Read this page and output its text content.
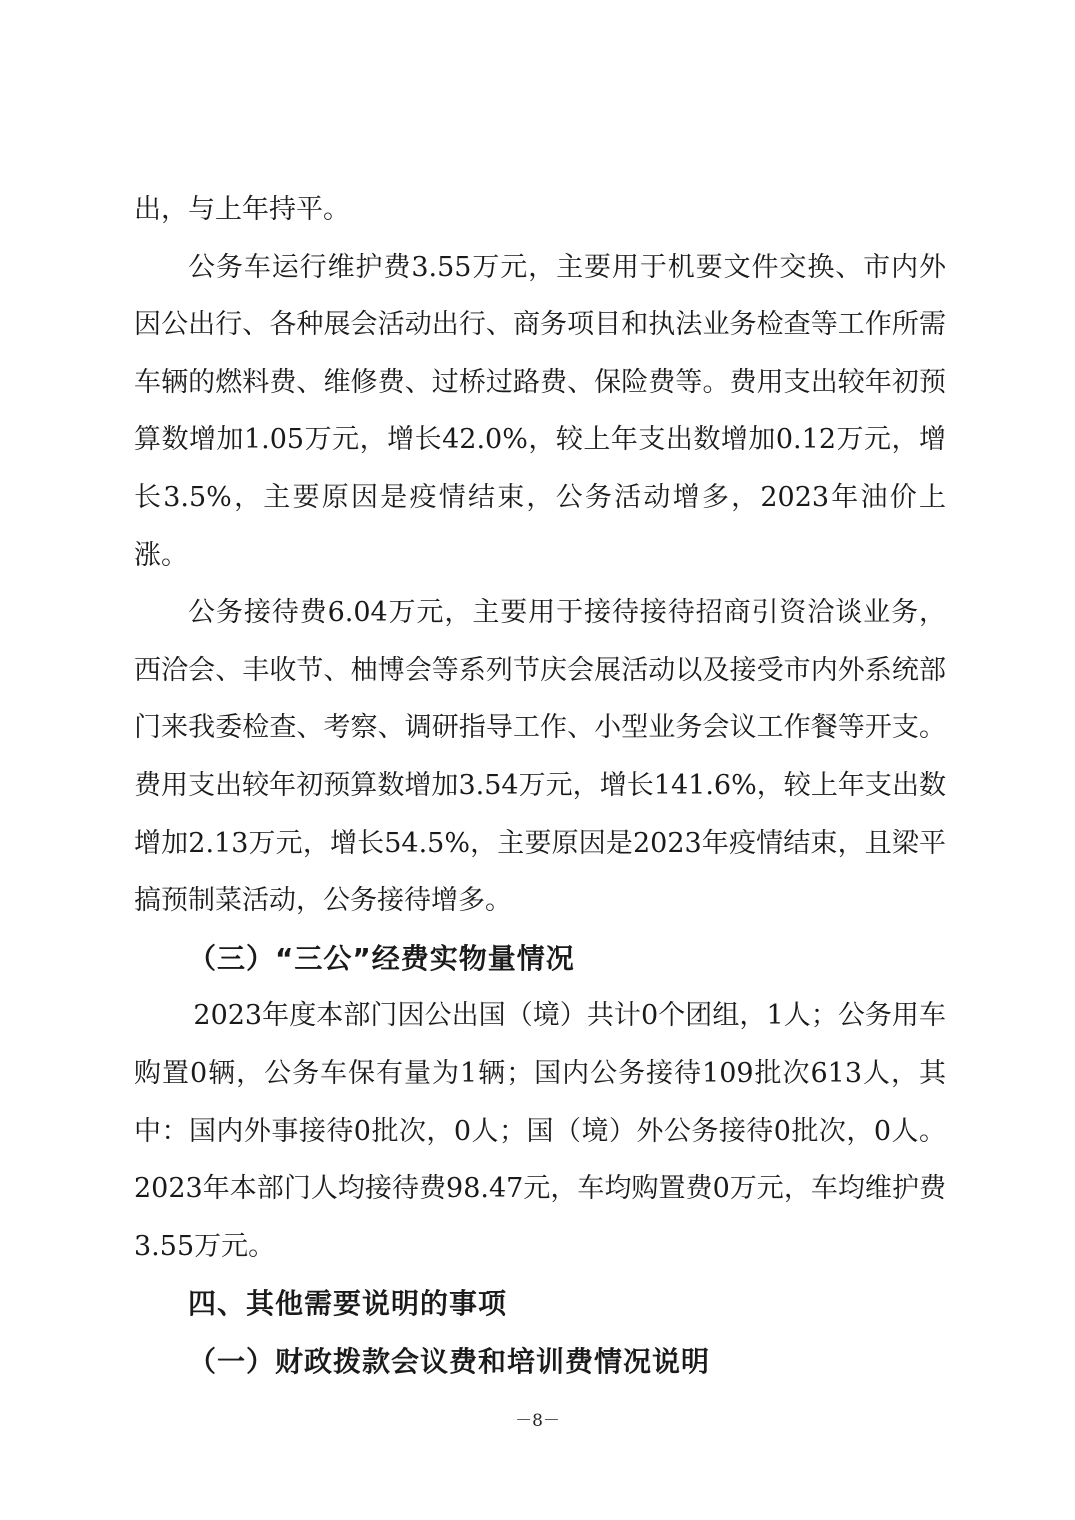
出，与上年持平。

公务车运行维护费3.55万元，主要用于机要文件交换、市内外因公出行、各种展会活动出行、商务项目和执法业务检查等工作所需车辆的燃料费、维修费、过桥过路费、保险费等。费用支出较年初预算数增加1.05万元，增长42.0%，较上年支出数增加0.12万元，增长3.5%，主要原因是疫情结束，公务活动增多，2023年油价上涨。

公务接待费6.04万元，主要用于接待接待招商引资洽谈业务，西洽会、丰收节、柚博会等系列节庆会展活动以及接受市内外系统部门来我委检查、考察、调研指导工作、小型业务会议工作餐等开支。费用支出较年初预算数增加3.54万元，增长141.6%，较上年支出数增加2.13万元，增长54.5%，主要原因是2023年疫情结束，且梁平搞预制菜活动，公务接待增多。

（三）“三公”经费实物量情况

2023年度本部门因公出国（境）共计0个团组，1人；公务用车购置0辆，公务车保有量为1辆；国内公务接待109批次613人，其中：国内外事接待0批次，0人；国（境）外公务接待0批次，0人。2023年本部门人均接待费98.47元，车均购置费0万元，车均维护费3.55万元。

四、其他需要说明的事项

（一）财政拨款会议费和培训费情况说明

－8－
